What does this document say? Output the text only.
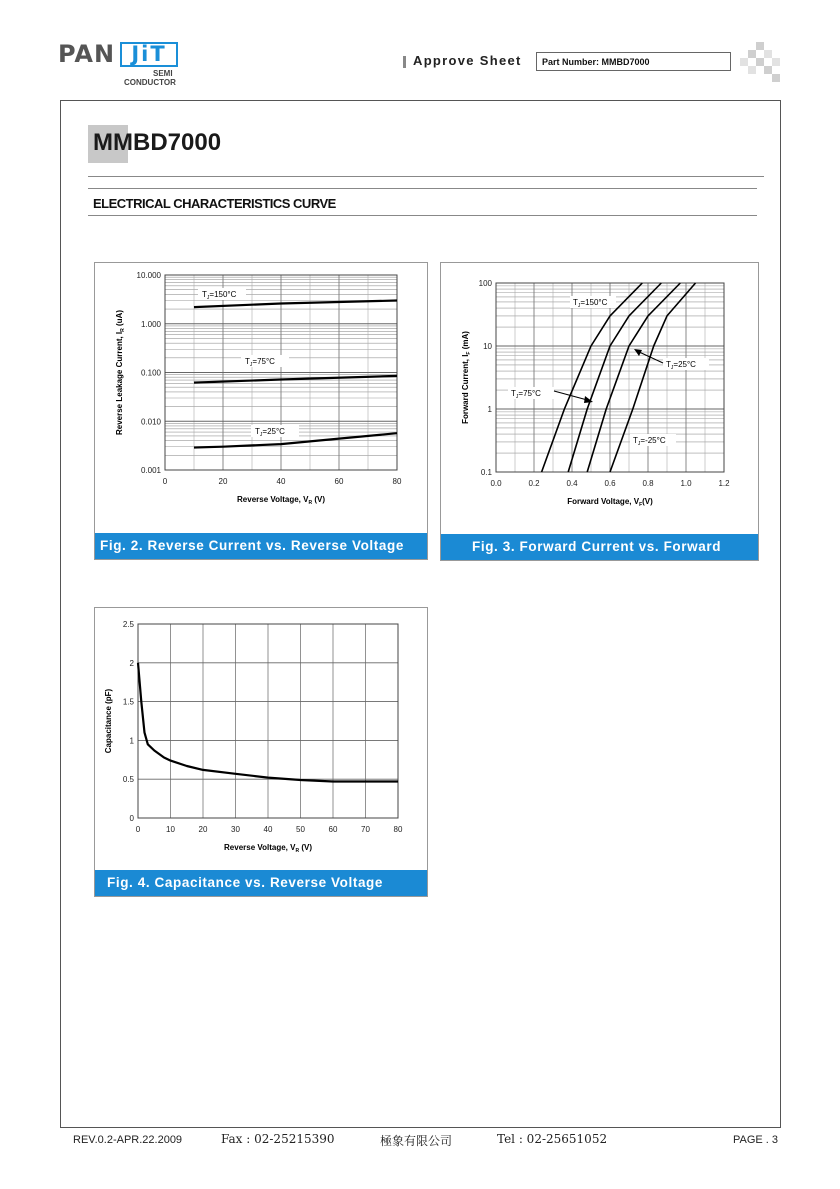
PAN JiT
SEMI
CONDUCTOR
Approve Sheet	Part Number: MMBD7000
MMBD7000
ELECTRICAL CHARACTERISTICS CURVE
0	20	40	60	80
0.001
0.010
0.100
1.000
10.000
Reverse Voltage, $V_R$ (V)
Reverse Leakage Current, $I_R$ (uA)
$T_J=150^\circ C$
$T_J=75^\circ C$
$T_J=25^\circ C$
Fig. 2. Reverse Current vs. Reverse Voltage
0.0	0.2	0.4	0.6	0.8	1.0	1.2
0.1
1
10
100
Forward Voltage, $V_F(V)$
Forward Current, $I_F$ (mA)
$T_J=150^\circ C$
$T_J=75^\circ C$
$T_J=25^\circ C$
$T_J=-25^\circ C$
Fig. 3. Forward Current vs. Forward
0	10	20	30	40	50	60	70	80
0
0.5
1
1.5
2
2.5
Reverse Voltage, $V_R$ (V)
Capacitance (pF)
Fig. 4. Capacitance vs. Reverse Voltage
REV.0.2-APR.22.2009	Fax : 02-25215390	極象有限公司	Tel : 02-25651052	PAGE . 3
